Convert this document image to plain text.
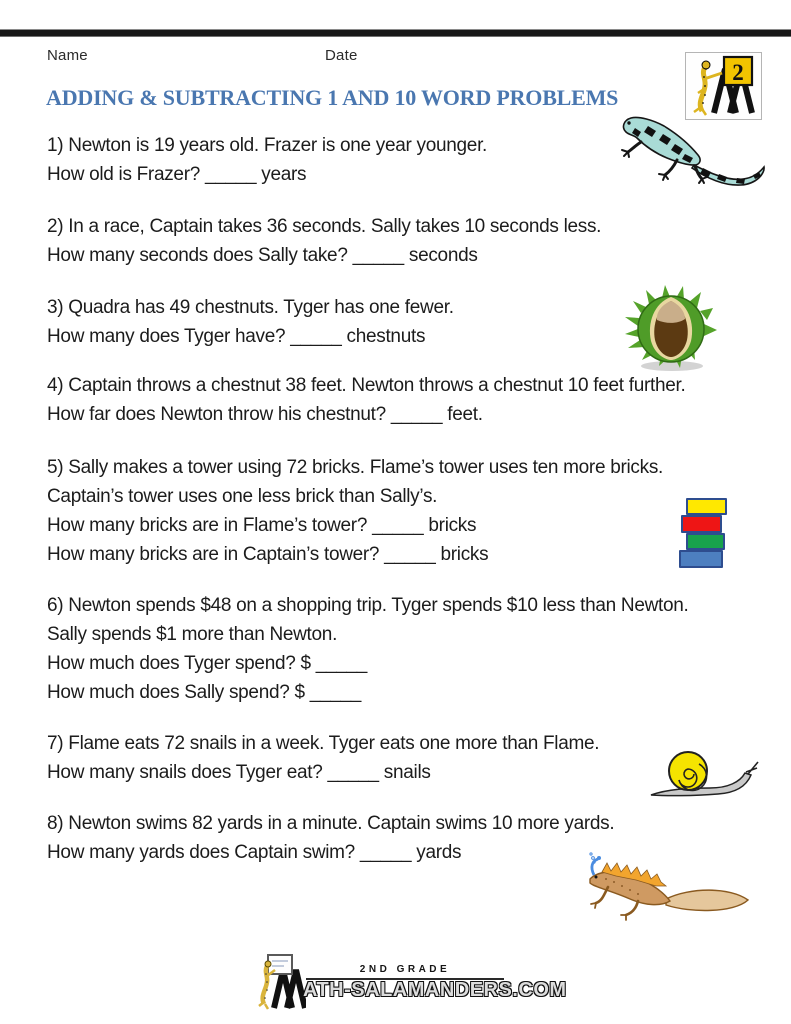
Name	Date
2
ADDING & SUBTRACTING 1 AND 10 WORD PROBLEMS

1) Newton is 19 years old. Frazer is one year younger.

How old is Frazer? _____ years

2) In a race, Captain takes 36 seconds. Sally takes 10 seconds less.

How many seconds does Sally take? _____ seconds

3) Quadra has 49 chestnuts. Tyger has one fewer.

How many does Tyger have? _____ chestnuts

4) Captain throws a chestnut 38 feet. Newton throws a chestnut 10 feet further.

How far does Newton throw his chestnut? _____ feet.

5) Sally makes a tower using 72 bricks. Flame’s tower uses ten more bricks.

Captain’s tower uses one less brick than Sally’s.

How many bricks are in Flame’s tower? _____ bricks

How many bricks are in Captain’s tower? _____ bricks

6) Newton spends $48 on a shopping trip. Tyger spends $10 less than Newton.

Sally spends $1 more than Newton.

How much does Tyger spend? $ _____

How much does Sally spend? $ _____

7) Flame eats 72 snails in a week. Tyger eats one more than Flame.

How many snails does Tyger eat? _____ snails

8) Newton swims 82 yards in a minute. Captain swims 10 more yards.

How many yards does Captain swim? _____ yards

2ND GRADE
ATH-SALAMANDERS.COM
